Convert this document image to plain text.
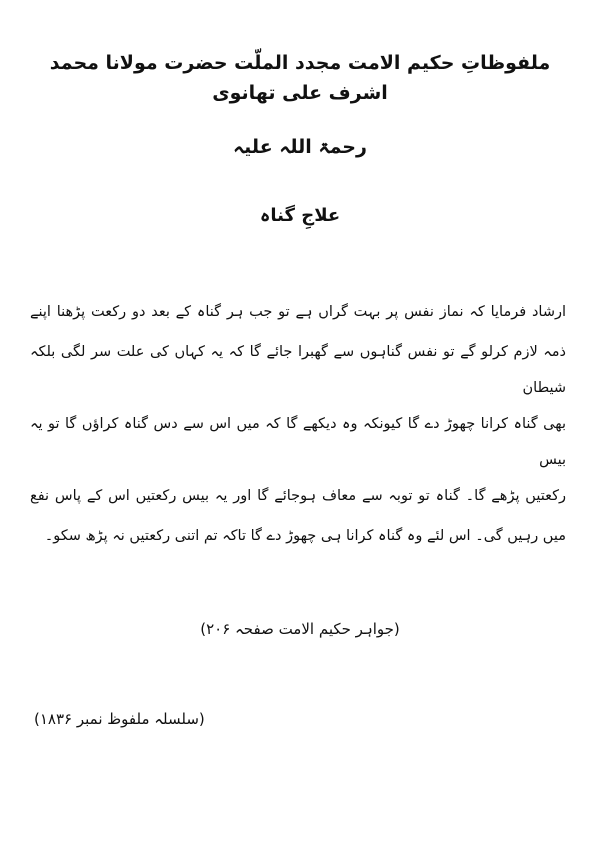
ملفوظاتِ حکیم الامت مجدد الملّت حضرت مولانا محمد اشرف علی تھانوی
رحمۃ اللہ علیہ
علاجِ گناہ
ارشاد فرمایا کہ نماز نفس پر بہت گراں ہے تو جب ہر گناہ کے بعد دو رکعت پڑھنا اپنے
ذمہ لازم کرلو گے تو نفس گناہوں سے گھبرا جائے گا کہ یہ کہاں کی علت سر لگی بلکہ شیطان
بھی گناہ کرانا چھوڑ دے گا کیونکہ وہ دیکھے گا کہ میں اس سے دس گناہ کراؤں گا تو یہ بیس
رکعتیں پڑھے گا۔ گناہ تو توبہ سے معاف ہوجائے گا اور یہ بیس رکعتیں اس کے پاس نفع
میں رہیں گی۔ اس لئے وہ گناہ کرانا ہی چھوڑ دے گا تاکہ تم اتنی رکعتیں نہ پڑھ سکو۔
(جواہر حکیم الامت صفحہ ۲۰۶)
(سلسلہ ملفوظ نمبر ۱۸۳۶)
